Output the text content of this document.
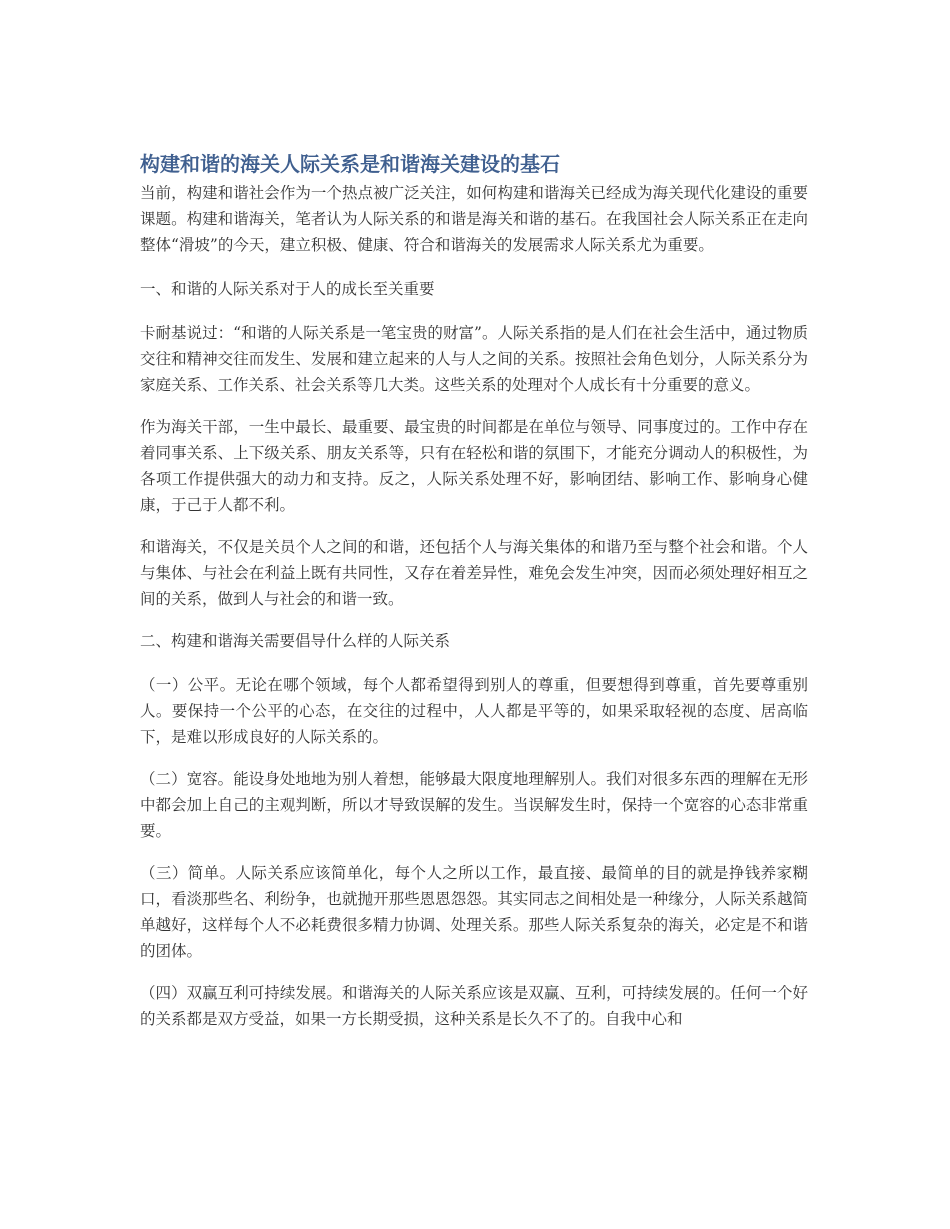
构建和谐的海关人际关系是和谐海关建设的基石

当前，构建和谐社会作为一个热点被广泛关注，如何构建和谐海关已经成为海关现代化建设的重要课题。构建和谐海关，笔者认为人际关系的和谐是海关和谐的基石。在我国社会人际关系正在走向整体“滑坡”的今天，建立积极、健康、符合和谐海关的发展需求人际关系尤为重要。

一、和谐的人际关系对于人的成长至关重要

卡耐基说过：“和谐的人际关系是一笔宝贵的财富”。人际关系指的是人们在社会生活中，通过物质交往和精神交往而发生、发展和建立起来的人与人之间的关系。按照社会角色划分，人际关系分为家庭关系、工作关系、社会关系等几大类。这些关系的处理对个人成长有十分重要的意义。

作为海关干部，一生中最长、最重要、最宝贵的时间都是在单位与领导、同事度过的。工作中存在着同事关系、上下级关系、朋友关系等，只有在轻松和谐的氛围下，才能充分调动人的积极性，为各项工作提供强大的动力和支持。反之，人际关系处理不好，影响团结、影响工作、影响身心健康，于己于人都不利。

和谐海关，不仅是关员个人之间的和谐，还包括个人与海关集体的和谐乃至与整个社会和谐。个人与集体、与社会在利益上既有共同性，又存在着差异性，难免会发生冲突，因而必须处理好相互之间的关系，做到人与社会的和谐一致。

二、构建和谐海关需要倡导什么样的人际关系

（一）公平。无论在哪个领域，每个人都希望得到别人的尊重，但要想得到尊重，首先要尊重别人。要保持一个公平的心态，在交往的过程中，人人都是平等的，如果采取轻视的态度、居高临下，是难以形成良好的人际关系的。

（二）宽容。能设身处地地为别人着想，能够最大限度地理解别人。我们对很多东西的理解在无形中都会加上自己的主观判断，所以才导致误解的发生。当误解发生时，保持一个宽容的心态非常重要。

（三）简单。人际关系应该简单化，每个人之所以工作，最直接、最简单的目的就是挣钱养家糊口，看淡那些名、利纷争，也就抛开那些恩恩怨怨。其实同志之间相处是一种缘分，人际关系越简单越好，这样每个人不必耗费很多精力协调、处理关系。那些人际关系复杂的海关，必定是不和谐的团体。

（四）双赢互利可持续发展。和谐海关的人际关系应该是双赢、互利，可持续发展的。任何一个好的关系都是双方受益，如果一方长期受损，这种关系是长久不了的。自我中心和
